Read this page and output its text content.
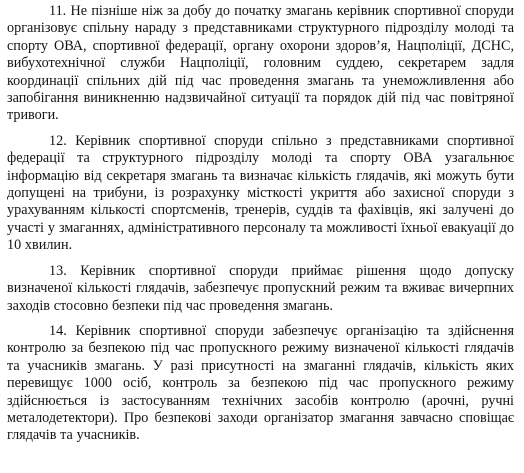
11. Не пізніше ніж за добу до початку змагань керівник спортивної споруди організовує спільну нараду з представниками структурного підрозділу молоді та спорту ОВА, спортивної федерації, органу охорони здоров’я, Нацполіції, ДСНС, вибухотехнічної служби Нацполіції, головним суддею, секретарем задля координації спільних дій під час проведення змагань та унеможливлення або запобігання виникненню надзвичайної ситуації та порядок дій під час повітряної тривоги.

12. Керівник спортивної споруди спільно з представниками спортивної федерації та структурного підрозділу молоді та спорту ОВА узагальнює інформацію від секретаря змагань та визначає кількість глядачів, які можуть бути допущені на трибуни, із розрахунку місткості укриття або захисної споруди з урахуванням кількості спортсменів, тренерів, суддів та фахівців, які залучені до участі у змаганнях, адміністративного персоналу та можливості їхньої евакуації до 10 хвилин.

13. Керівник спортивної споруди приймає рішення щодо допуску визначеної кількості глядачів, забезпечує пропускний режим та вживає вичерпних заходів стосовно безпеки під час проведення змагань.

14. Керівник спортивної споруди забезпечує організацію та здійснення контролю за безпекою під час пропускного режиму визначеної кількості глядачів та учасників змагань. У разі присутності на змаганні глядачів, кількість яких перевищує 1000 осіб, контроль за безпекою під час пропускного режиму здійснюється із застосуванням технічних засобів контролю (арочні, ручні металодетектори). Про безпекові заходи організатор змагання завчасно сповіщає глядачів та учасників.
